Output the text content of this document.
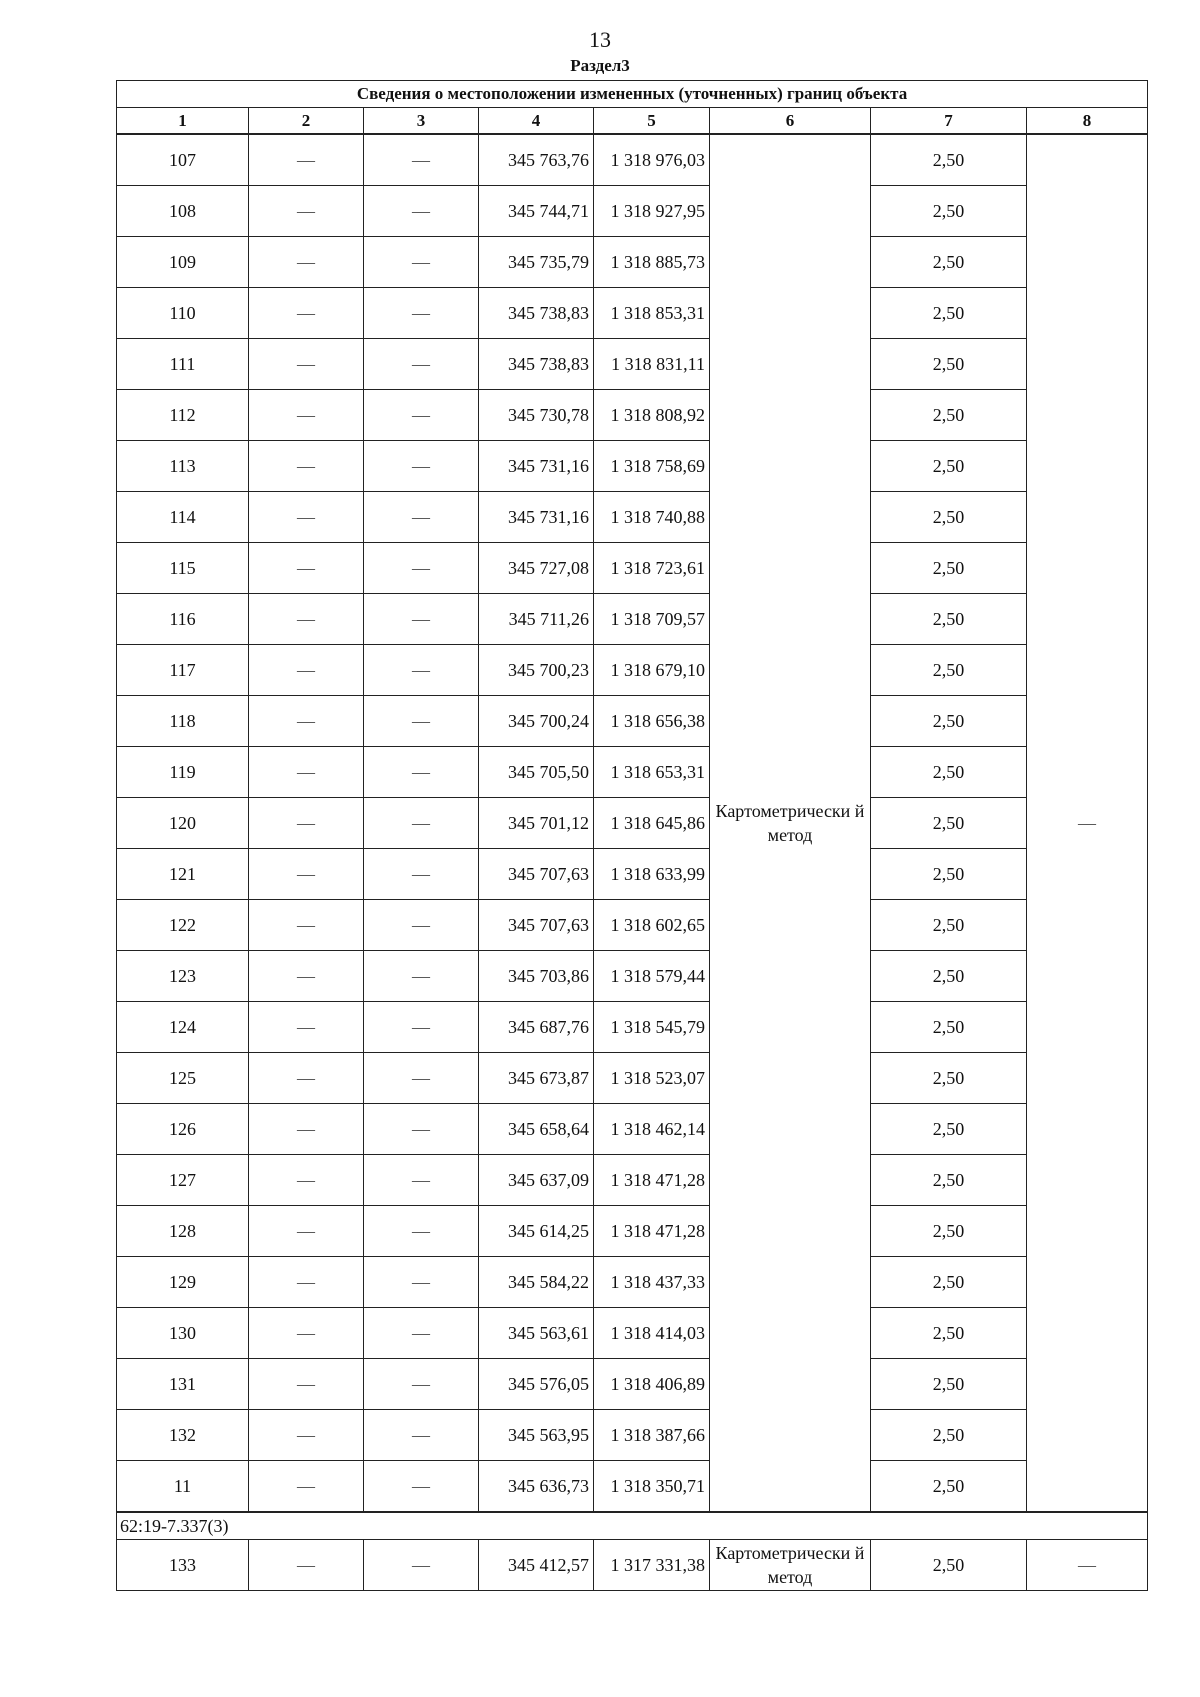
13
Раздел3
Сведения о местоположении измененных (уточненных) границ объекта							
1	2	3	4	5	6	7	8
107	—	—	345 763,76	1 318 976,03	Картометрически й метод	2,50	—
108	—	—	345 744,71	1 318 927,95		2,50	
109	—	—	345 735,79	1 318 885,73		2,50	
110	—	—	345 738,83	1 318 853,31		2,50	
111	—	—	345 738,83	1 318 831,11		2,50	
112	—	—	345 730,78	1 318 808,92		2,50	
113	—	—	345 731,16	1 318 758,69		2,50	
114	—	—	345 731,16	1 318 740,88		2,50	
115	—	—	345 727,08	1 318 723,61		2,50	
116	—	—	345 711,26	1 318 709,57		2,50	
117	—	—	345 700,23	1 318 679,10		2,50	
118	—	—	345 700,24	1 318 656,38		2,50	
119	—	—	345 705,50	1 318 653,31		2,50	
120	—	—	345 701,12	1 318 645,86		2,50	
121	—	—	345 707,63	1 318 633,99		2,50	
122	—	—	345 707,63	1 318 602,65		2,50	
123	—	—	345 703,86	1 318 579,44		2,50	
124	—	—	345 687,76	1 318 545,79		2,50	
125	—	—	345 673,87	1 318 523,07		2,50	
126	—	—	345 658,64	1 318 462,14		2,50	
127	—	—	345 637,09	1 318 471,28		2,50	
128	—	—	345 614,25	1 318 471,28		2,50	
129	—	—	345 584,22	1 318 437,33		2,50	
130	—	—	345 563,61	1 318 414,03		2,50	
131	—	—	345 576,05	1 318 406,89		2,50	
132	—	—	345 563,95	1 318 387,66		2,50	
11	—	—	345 636,73	1 318 350,71		2,50	
62:19-7.337(3)							
133	—	—	345 412,57	1 317 331,38	Картометрически й метод	2,50	—
